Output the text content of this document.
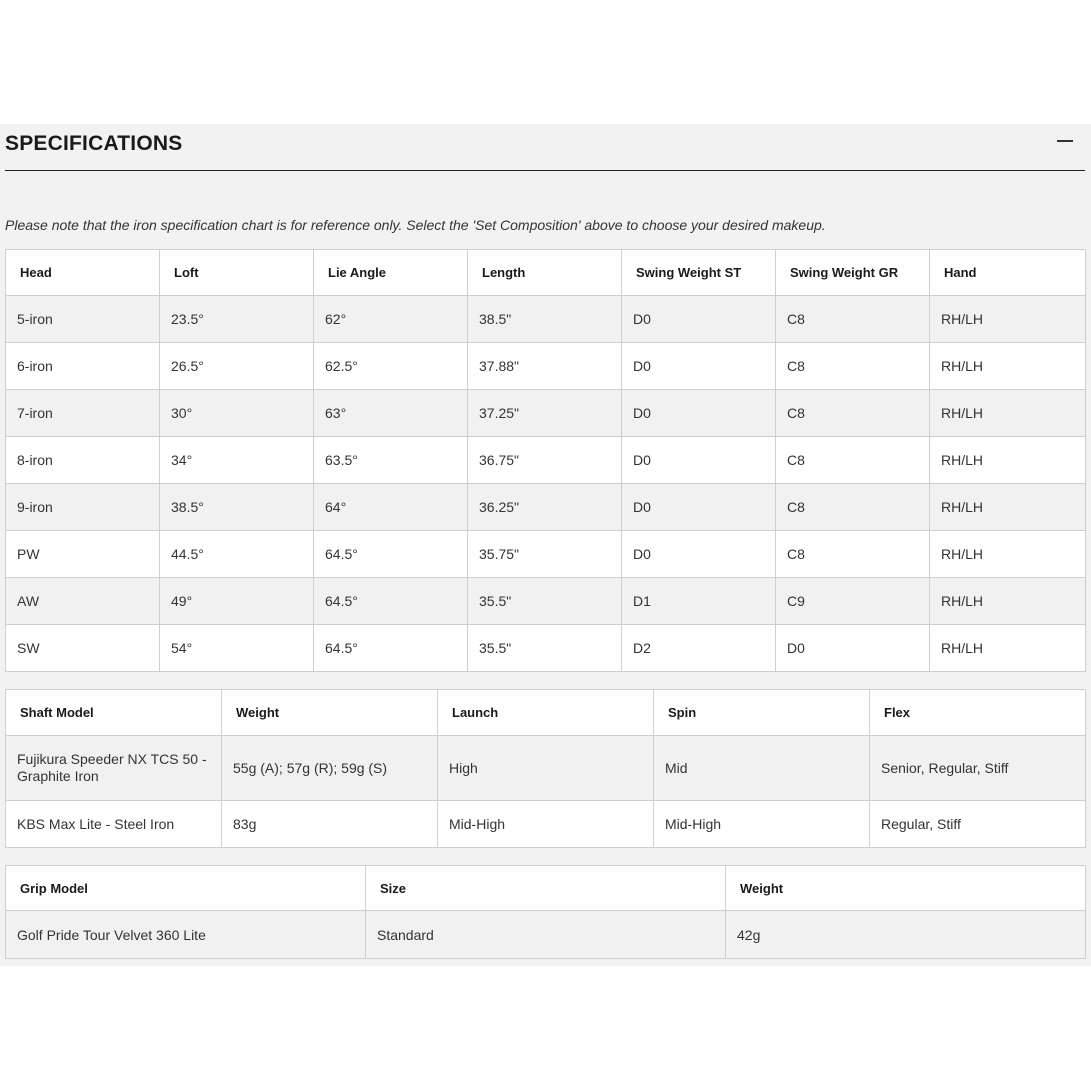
SPECIFICATIONS
Please note that the iron specification chart is for reference only. Select the 'Set Composition' above to choose your desired makeup.
Head	Loft	Lie Angle	Length	Swing Weight ST	Swing Weight GR	Hand
5-iron	23.5°	62°	38.5"	D0	C8	RH/LH
6-iron	26.5°	62.5°	37.88"	D0	C8	RH/LH
7-iron	30°	63°	37.25"	D0	C8	RH/LH
8-iron	34°	63.5°	36.75"	D0	C8	RH/LH
9-iron	38.5°	64°	36.25"	D0	C8	RH/LH
PW	44.5°	64.5°	35.75"	D0	C8	RH/LH
AW	49°	64.5°	35.5"	D1	C9	RH/LH
SW	54°	64.5°	35.5"	D2	D0	RH/LH
Shaft Model	Weight	Launch	Spin	Flex
Fujikura Speeder NX TCS 50 - Graphite Iron	55g (A); 57g (R); 59g (S)	High	Mid	Senior, Regular, Stiff
KBS Max Lite - Steel Iron	83g	Mid-High	Mid-High	Regular, Stiff
Grip Model	Size	Weight
Golf Pride Tour Velvet 360 Lite	Standard	42g
